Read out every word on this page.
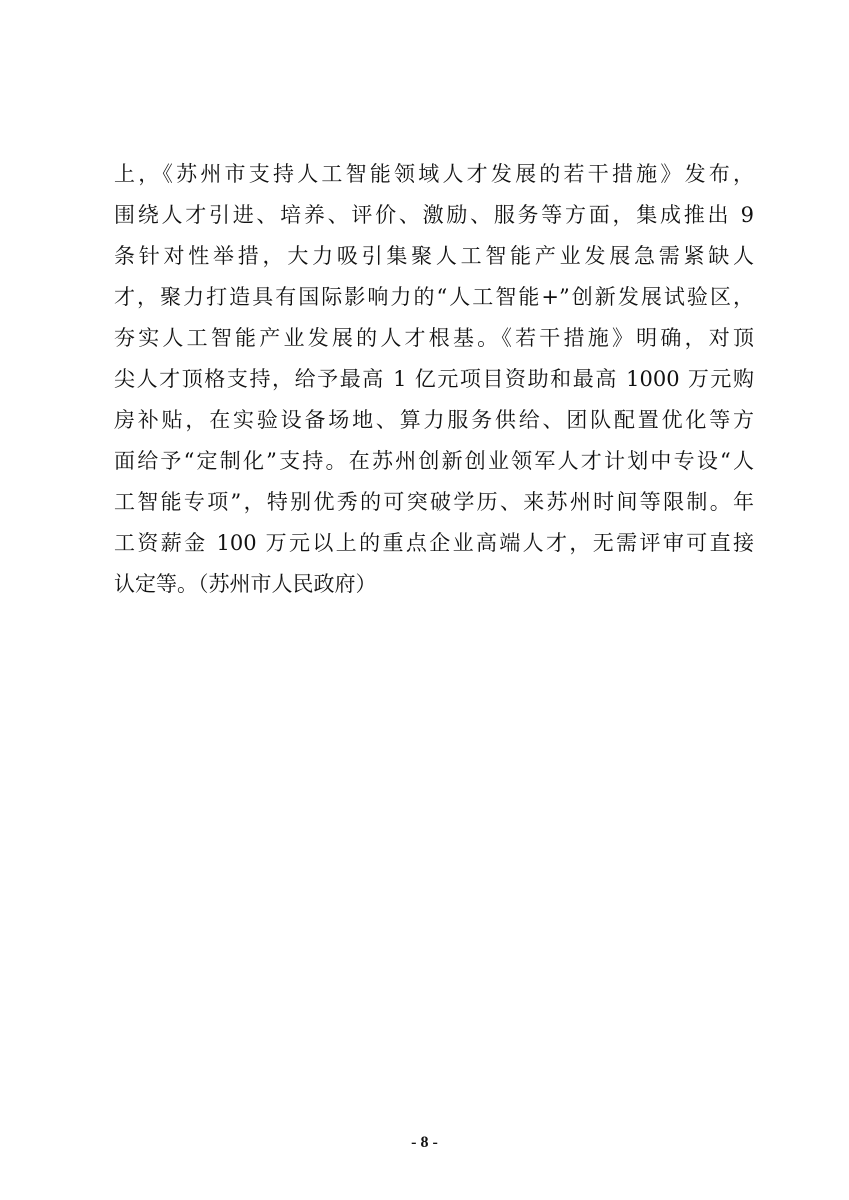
上，《苏州市支持人工智能领域人才发展的若干措施》发布，
围绕人才引进、培养、评价、激励、服务等方面，集成推出 9
条针对性举措，大力吸引集聚人工智能产业发展急需紧缺人
才，聚力打造具有国际影响力的“人工智能+”创新发展试验区，
夯实人工智能产业发展的人才根基。《若干措施》明确，对顶
尖人才顶格支持，给予最高 1 亿元项目资助和最高 1000 万元购
房补贴，在实验设备场地、算力服务供给、团队配置优化等方
面给予“定制化”支持。在苏州创新创业领军人才计划中专设“人
工智能专项”，特别优秀的可突破学历、来苏州时间等限制。年
工资薪金 100 万元以上的重点企业高端人才，无需评审可直接
认定等。（苏州市人民政府）
- 8 -
